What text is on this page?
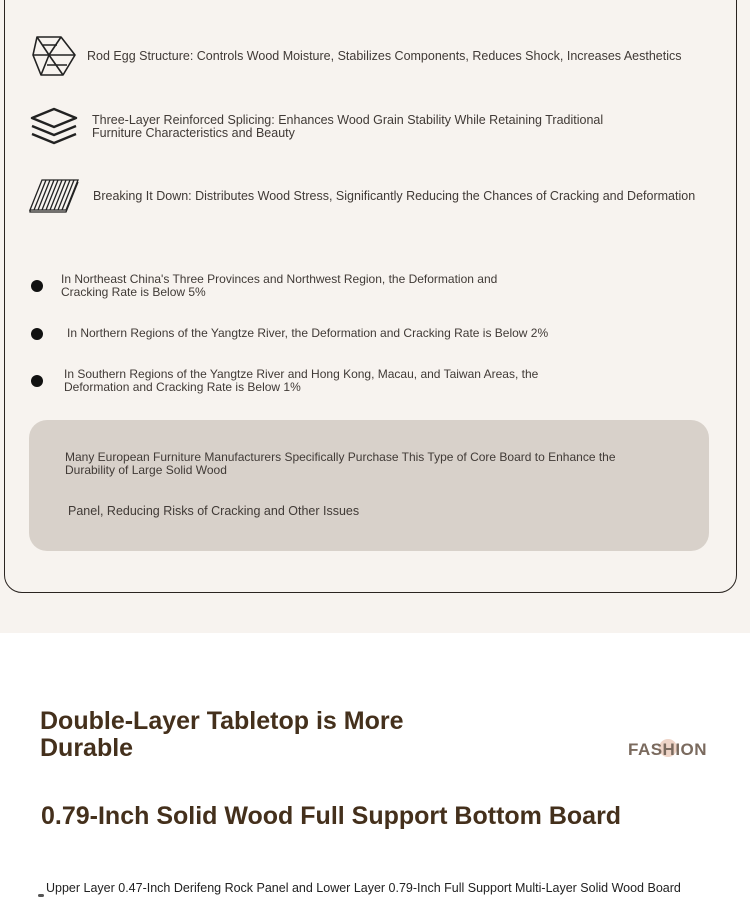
Rod Egg Structure: Controls Wood Moisture, Stabilizes Components, Reduces Shock, Increases Aesthetics
Three-Layer Reinforced Splicing: Enhances Wood Grain Stability While Retaining Traditional Furniture Characteristics and Beauty
Breaking It Down: Distributes Wood Stress, Significantly Reducing the Chances of Cracking and Deformation
In Northeast China's Three Provinces and Northwest Region, the Deformation and Cracking Rate is Below 5%
In Northern Regions of the Yangtze River, the Deformation and Cracking Rate is Below 2%
In Southern Regions of the Yangtze River and Hong Kong, Macau, and Taiwan Areas, the Deformation and Cracking Rate is Below 1%
Many European Furniture Manufacturers Specifically Purchase This Type of Core Board to Enhance the Durability of Large Solid Wood
Panel, Reducing Risks of Cracking and Other Issues
Double-Layer Tabletop is More Durable	FASHION
0.79-Inch Solid Wood Full Support Bottom Board
Upper Layer 0.47-Inch Derifeng Rock Panel and Lower Layer 0.79-Inch Full Support Multi-Layer Solid Wood Board
